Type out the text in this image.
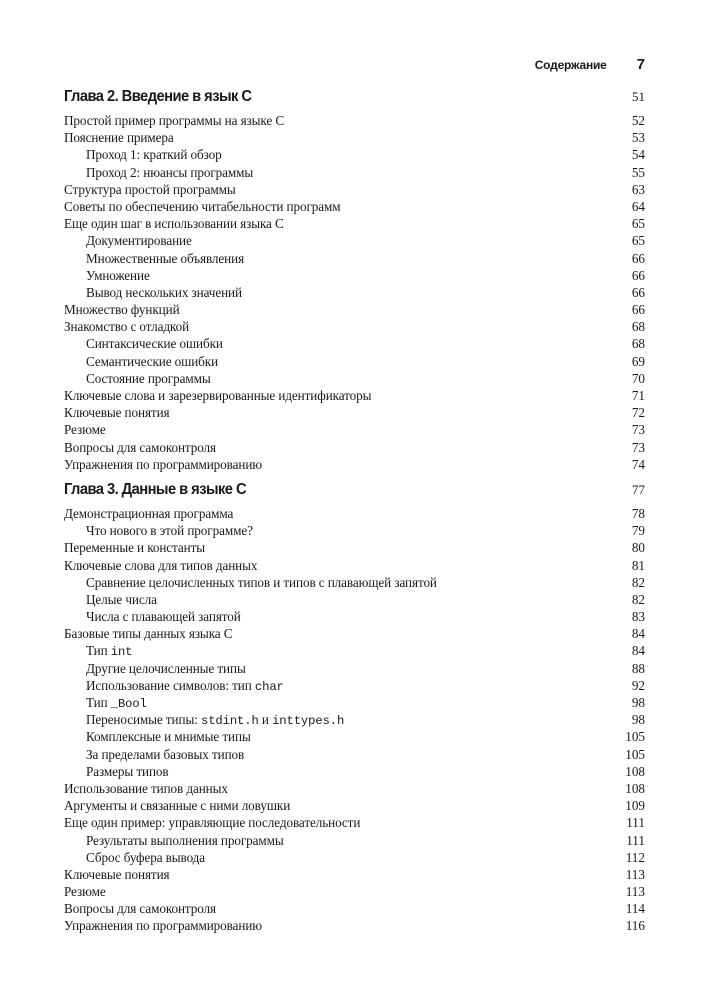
Содержание 7
Глава 2. Введение в язык С	51
Простой пример программы на языке С	52
Пояснение примера	53
Проход 1: краткий обзор	54
Проход 2: нюансы программы	55
Структура простой программы	63
Советы по обеспечению читабельности программ	64
Еще один шаг в использовании языка С	65
Документирование	65
Множественные объявления	66
Умножение	66
Вывод нескольких значений	66
Множество функций	66
Знакомство с отладкой	68
Синтаксические ошибки	68
Семантические ошибки	69
Состояние программы	70
Ключевые слова и зарезервированные идентификаторы	71
Ключевые понятия	72
Резюме	73
Вопросы для самоконтроля	73
Упражнения по программированию	74
Глава 3. Данные в языке С	77
Демонстрационная программа	78
Что нового в этой программе?	79
Переменные и константы	80
Ключевые слова для типов данных	81
Сравнение целочисленных типов и типов с плавающей запятой	82
Целые числа	82
Числа с плавающей запятой	83
Базовые типы данных языка С	84
Тип int	84
Другие целочисленные типы	88
Использование символов: тип char	92
Тип _Bool	98
Переносимые типы: stdint.h и inttypes.h	98
Комплексные и мнимые типы	105
За пределами базовых типов	105
Размеры типов	108
Использование типов данных	108
Аргументы и связанные с ними ловушки	109
Еще один пример: управляющие последовательности	111
Результаты выполнения программы	111
Сброс буфера вывода	112
Ключевые понятия	113
Резюме	113
Вопросы для самоконтроля	114
Упражнения по программированию	116
